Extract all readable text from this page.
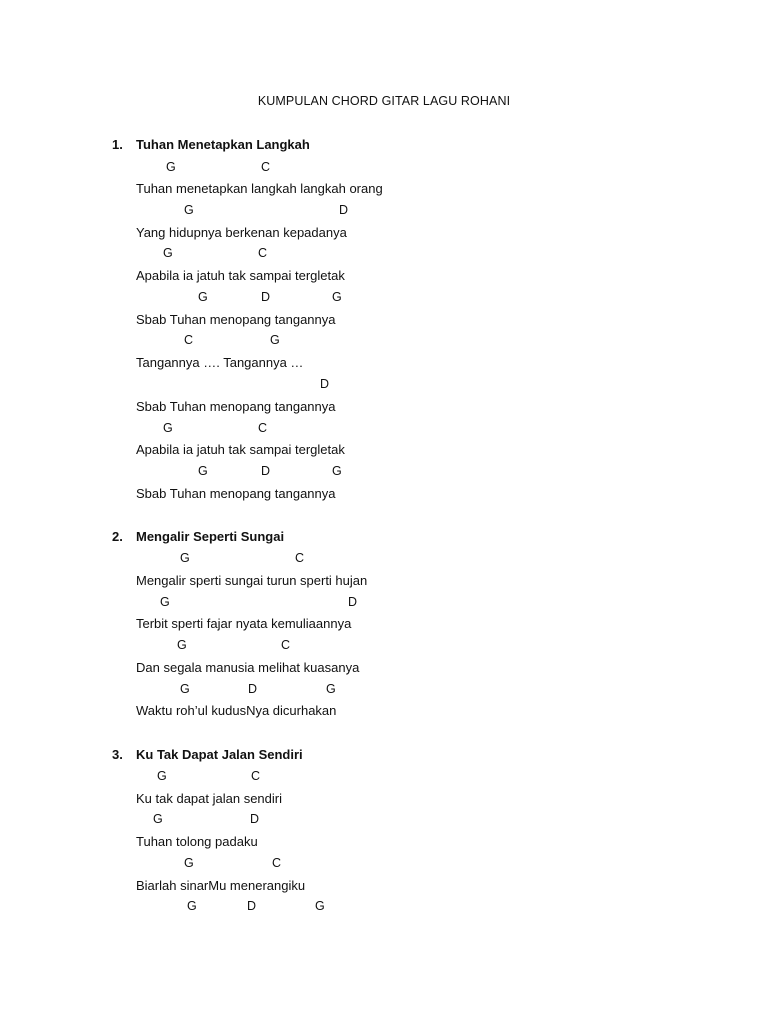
KUMPULAN CHORD GITAR LAGU ROHANI
1. Tuhan Menetapkan Langkah
G	C
Tuhan menetapkan langkah langkah orang
G	D
Yang hidupnya berkenan kepadanya
G	C
Apabila ia jatuh tak sampai tergletak
G	D	G
Sbab Tuhan menopang tangannya
C	G
Tangannya …. Tangannya …
D
Sbab Tuhan menopang tangannya
G	C
Apabila ia jatuh tak sampai tergletak
G	D	G
Sbab Tuhan menopang tangannya
2. Mengalir Seperti Sungai
G	C
Mengalir sperti sungai turun sperti hujan
G	D
Terbit sperti fajar nyata kemuliaannya
G	C
Dan segala manusia melihat kuasanya
G	D	G
Waktu roh’ul kudusNya dicurhakan
3. Ku Tak Dapat Jalan Sendiri
G	C
Ku tak dapat jalan sendiri
G	D
Tuhan tolong padaku
G	C
Biarlah sinarMu menerangiku
G	D	G
